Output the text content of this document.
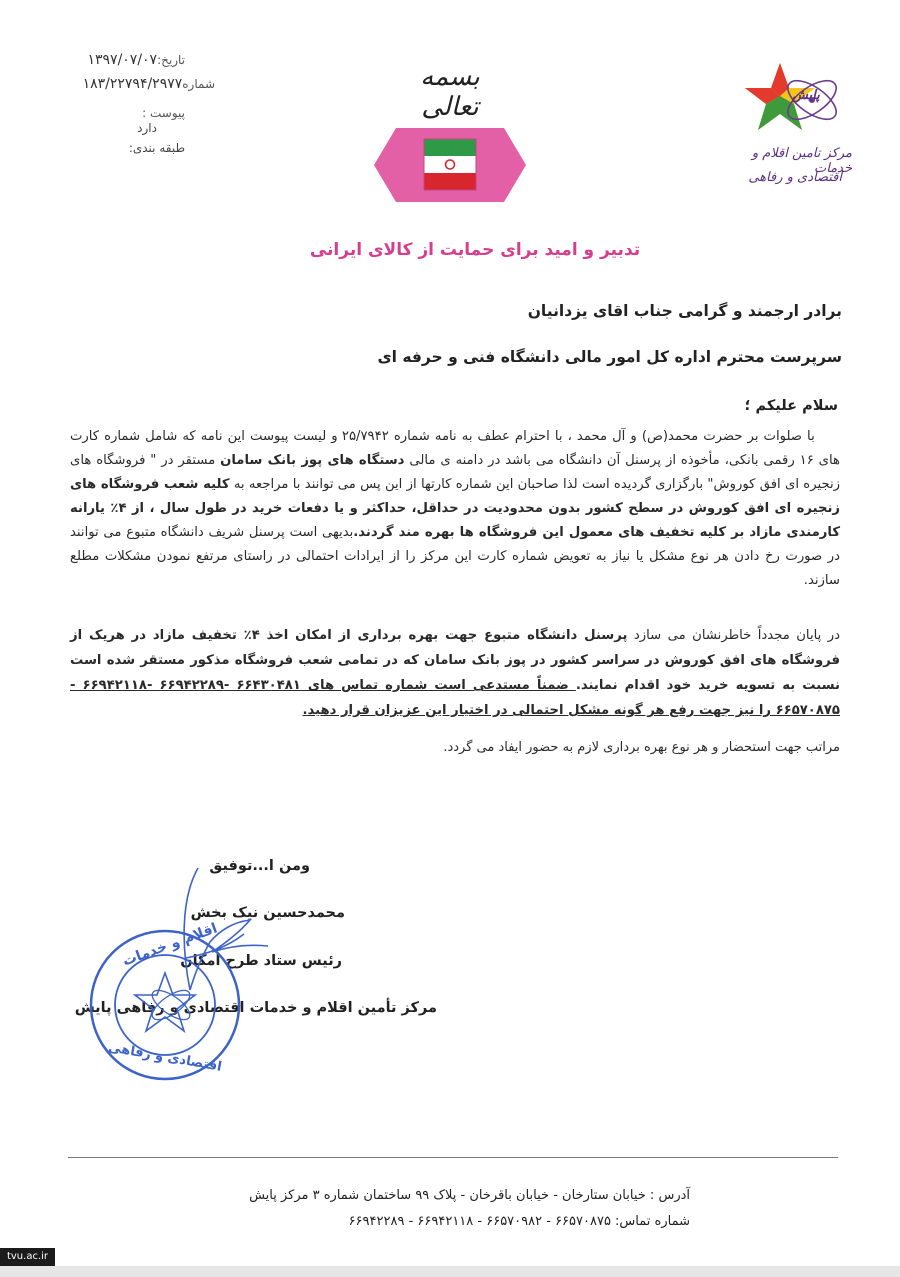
تاریخ:۱۳۹۷/۰۷/۰۷
شماره۱۸۳/۲۲۷۹۴/۲۹۷۷
پیوست :
دارد
طبقه بندی:
بسمه تعالی	پایش
مرکز تامین اقلام و خدمات
اقتصادی و رفاهی
تدبیر و امید برای حمایت از کالای ایرانی
برادر ارجمند و گرامی جناب اقای یزدانیان
سرپرست محترم اداره کل امور مالی دانشگاه فنی و حرفه ای
سلام علیکم ؛
با صلوات بر حضرت محمد(ص) و آل محمد ، با احترام عطف به نامه شماره ۲۵/۷۹۴۲ و لیست پیوست این نامه که شامل شماره کارت های ۱۶ رقمی بانکی، مأخوذه از پرسنل آن دانشگاه می باشد در دامنه ی مالی دستگاه های پوز بانک سامان مستقر در " فروشگاه های زنجیره ای افق کوروش" بارگزاری گردیده است لذا صاحبان این شماره کارتها از این پس می توانند با مراجعه به کلیه شعب فروشگاه های زنجیره ای افق کوروش در سطح کشور بدون محدودیت در حداقل، حداکثر و یا دفعات خرید در طول سال ، از ۴٪ یارانه کارمندی مازاد بر کلیه تخفیف های معمول این فروشگاه ها بهره مند گردند.بدیهی است پرسنل شریف دانشگاه متبوع می توانند در صورت رخ دادن هر نوع مشکل یا نیاز به تعویض شماره کارت این مرکز را از ایرادات احتمالی در راستای مرتفع نمودن مشکلات مطلع سازند.
در پایان مجدداً خاطرنشان می سازد پرسنل دانشگاه متبوع جهت بهره برداری از امکان اخذ ۴٪ تخفیف مازاد در هریک از فروشگاه های افق کوروش در سراسر کشور در پوز بانک سامان که در تمامی شعب فروشگاه مذکور مستقر شده است نسبت به تسویه خرید خود اقدام نمایند. ضمناً مستدعی است شماره تماس های ۶۶۴۳۰۴۸۱ -۶۶۹۴۲۲۸۹ -۶۶۹۴۲۱۱۸ - ۶۶۵۷۰۸۷۵ را نیز جهت رفع هر گونه مشکل احتمالی در اختیار این عزیزان قرار دهید.
مراتب جهت استحضار و هر نوع بهره برداری لازم به حضور ایفاد می گردد.
ومن ا...توفیق
محمدحسین نیک بخش
رئیس ستاد طرح امکان
مرکز تأمین اقلام و خدمات اقتصادی و رفاهی پایش
اقلام و خدمات
اقتصادی و رفاهی
آدرس : خیابان ستارخان - خیابان باقرخان - پلاک ۹۹ ساختمان شماره ۳ مرکز پایش
شماره تماس: ۶۶۵۷۰۸۷۵ - ۶۶۵۷۰۹۸۲ - ۶۶۹۴۲۱۱۸ - ۶۶۹۴۲۲۸۹
tvu.ac.ir
